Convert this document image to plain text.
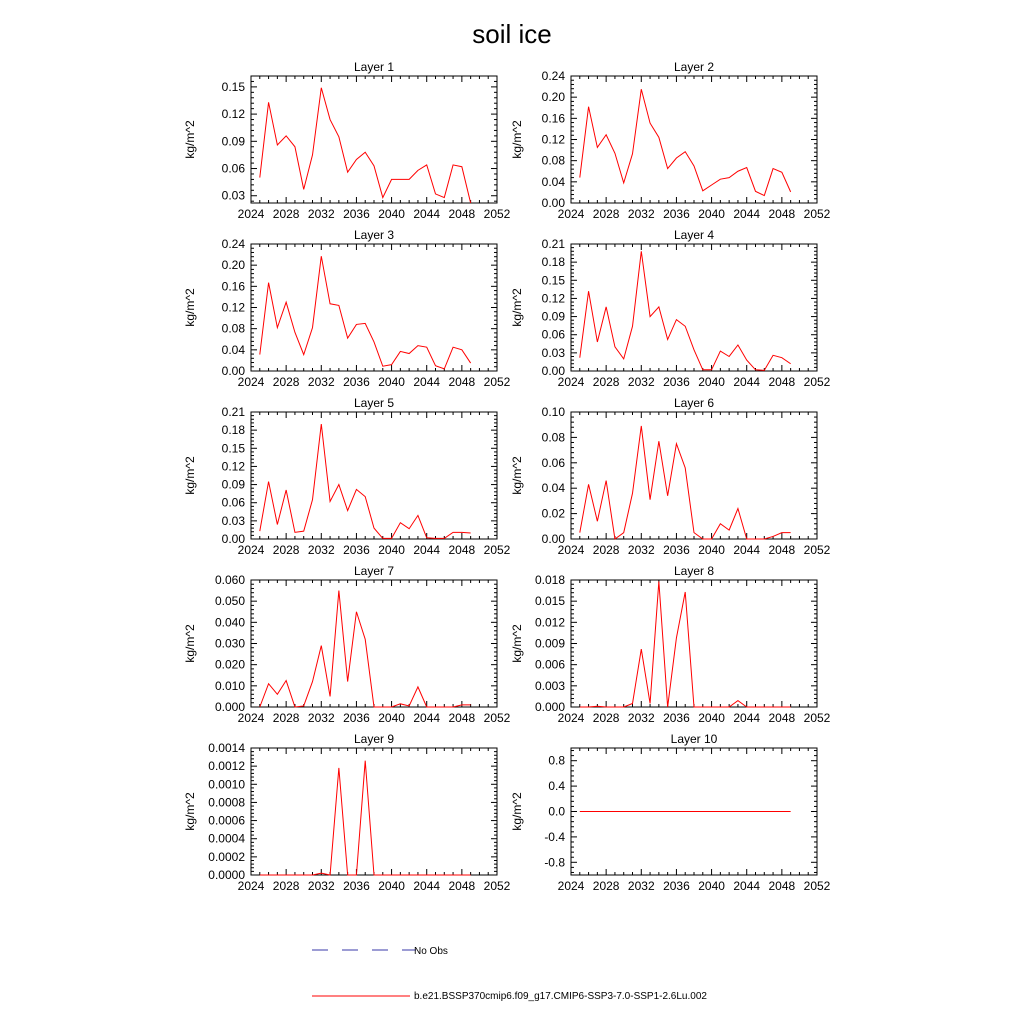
soil ice
Layer 1
kg/m^2
2024 2028 2032 2036 2040 2044 2048 2052
0.03
0.06
0.09
0.12
0.15
Layer 2
kg/m^2
2024 2028 2032 2036 2040 2044 2048 2052
0.00
0.04
0.08
0.12
0.16
0.20
0.24
Layer 3
kg/m^2
2024 2028 2032 2036 2040 2044 2048 2052
0.00
0.04
0.08
0.12
0.16
0.20
0.24
Layer 4
kg/m^2
2024 2028 2032 2036 2040 2044 2048 2052
0.00
0.03
0.06
0.09
0.12
0.15
0.18
0.21
Layer 5
kg/m^2
2024 2028 2032 2036 2040 2044 2048 2052
0.00
0.03
0.06
0.09
0.12
0.15
0.18
0.21
Layer 6
kg/m^2
2024 2028 2032 2036 2040 2044 2048 2052
0.00
0.02
0.04
0.06
0.08
0.10
Layer 7
kg/m^2
2024 2028 2032 2036 2040 2044 2048 2052
0.000
0.010
0.020
0.030
0.040
0.050
0.060
Layer 8
kg/m^2
2024 2028 2032 2036 2040 2044 2048 2052
0.000
0.003
0.006
0.009
0.012
0.015
0.018
Layer 9
kg/m^2
2024 2028 2032 2036 2040 2044 2048 2052
0.0000
0.0002
0.0004
0.0006
0.0008
0.0010
0.0012
0.0014
Layer 10
kg/m^2
2024 2028 2032 2036 2040 2044 2048 2052
-0.8
-0.4
0.0
0.4
0.8
No Obs
b.e21.BSSP370cmip6.f09_g17.CMIP6-SSP3-7.0-SSP1-2.6Lu.002
